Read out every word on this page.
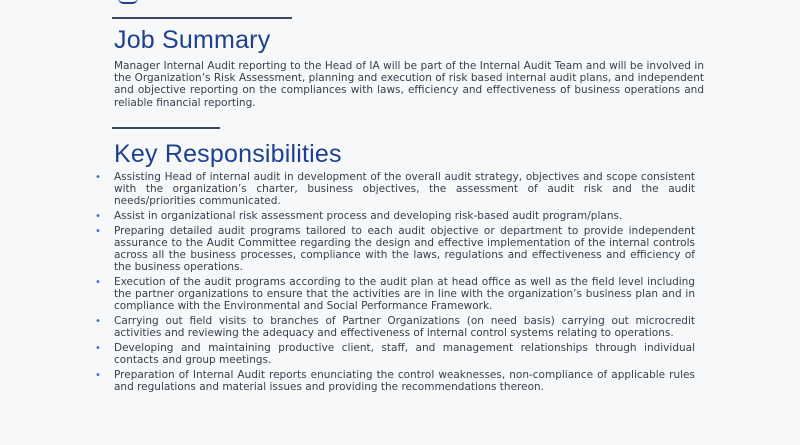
Job Summary

Manager Internal Audit reporting to the Head of IA will be part of the Internal Audit Team and will be involved in the Organization’s Risk Assessment, planning and execution of risk based internal audit plans, and independent and objective reporting on the compliances with laws, efficiency and effectiveness of business operations and reliable financial reporting.

Key Responsibilities
• Assisting Head of internal audit in development of the overall audit strategy, objectives and scope consistent with the organization’s charter, business objectives, the assessment of audit risk and the audit needs/priorities communicated.
• Assist in organizational risk assessment process and developing risk-based audit program/plans.
• Preparing detailed audit programs tailored to each audit objective or department to provide independent assurance to the Audit Committee regarding the design and effective implementation of the internal controls across all the business processes, compliance with the laws, regulations and effectiveness and efficiency of the business operations.
• Execution of the audit programs according to the audit plan at head office as well as the field level including the partner organizations to ensure that the activities are in line with the organization’s business plan and in compliance with the Environmental and Social Performance Framework.
• Carrying out field visits to branches of Partner Organizations (on need basis) carrying out microcredit activities and reviewing the adequacy and effectiveness of internal control systems relating to operations.
• Developing and maintaining productive client, staff, and management relationships through individual contacts and group meetings.
• Preparation of Internal Audit reports enunciating the control weaknesses, non-compliance of applicable rules and regulations and material issues and providing the recommendations thereon.
